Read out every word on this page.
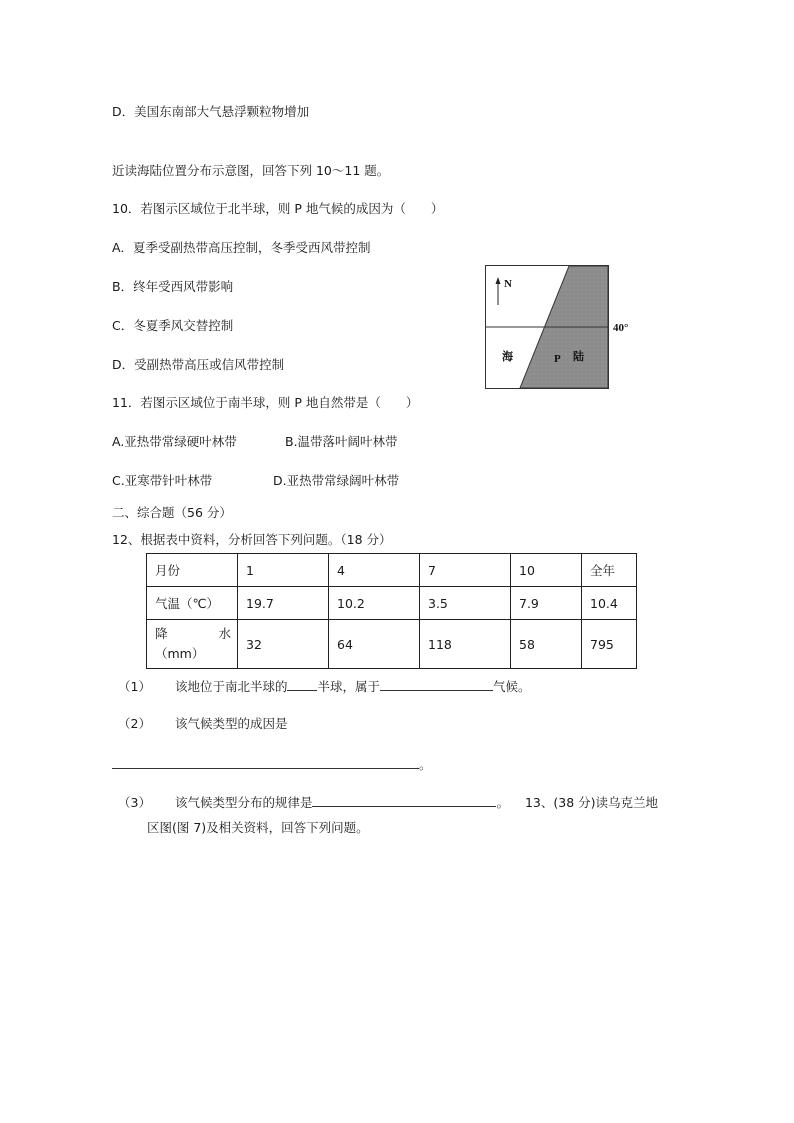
D．美国东南部大气悬浮颗粒物增加
近读海陆位置分布示意图，回答下列 10～11 题。
10．若图示区域位于北半球，则 P 地气候的成因为（　　）
A．夏季受副热带高压控制，冬季受西风带控制
B．终年受西风带影响
C．冬夏季风交替控制
D．受副热带高压或信风带控制
11．若图示区域位于南半球，则 P 地自然带是（　　）
A.亚热带常绿硬叶林带	B.温带落叶阔叶林带
C.亚寒带针叶林带	D.亚热带常绿阔叶林带
N
40°
海	P 陆
二、综合题（56 分）
12、根据表中资料，分析回答下列问题。（18 分）
月份	1	4	7	10	全年
气温（℃）	19.7	10.2	3.5	7.9	10.4

降 水
（mm）	32	64	118	58	795
（1） 该地位于南北半球的 半球，属于	气候。
（2） 该气候类型的成因是
。
（3） 该气候类型分布的规律是	。 13、(38 分)读乌克兰地
区图(图 7)及相关资料，回答下列问题。
